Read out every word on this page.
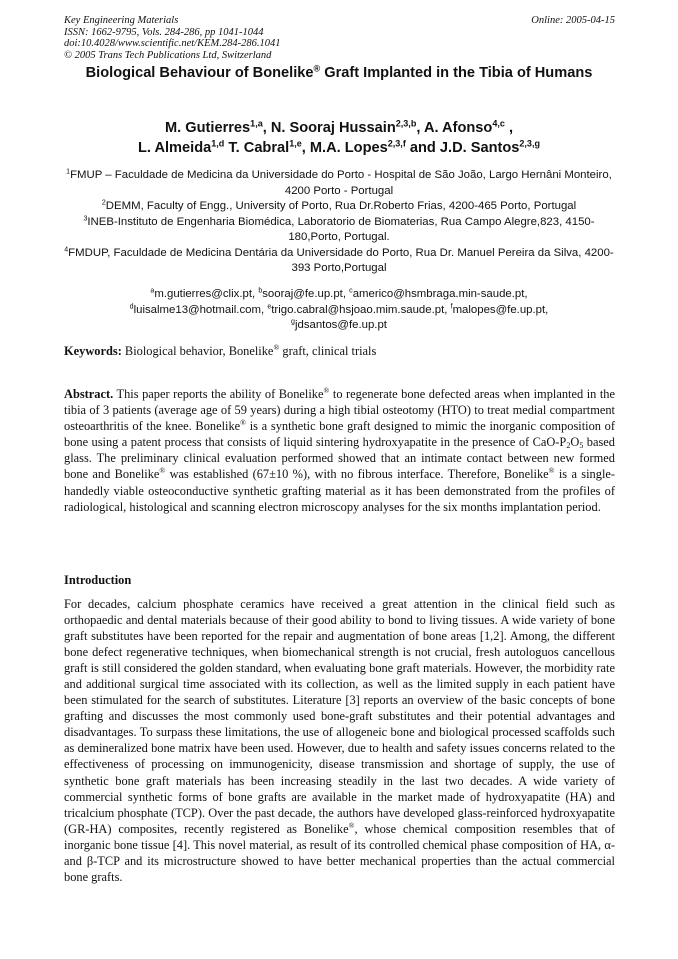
Key Engineering Materials
ISSN: 1662-9795, Vols. 284-286, pp 1041-1044
doi:10.4028/www.scientific.net/KEM.284-286.1041
© 2005 Trans Tech Publications Ltd, Switzerland
Online: 2005-04-15
Biological Behaviour of Bonelike® Graft Implanted in the Tibia of Humans
M. Gutierres$^{1,a}$, N. Sooraj Hussain$^{2,3,b}$, A. Afonso$^{4,c}$ ,
L. Almeida$^{1,d}$ T. Cabral$^{1,e}$, M.A. Lopes$^{2,3,f}$ and J.D. Santos$^{2,3,g}$
$^1$FMUP – Faculdade de Medicina da Universidade do Porto - Hospital de São João, Largo Hernâni Monteiro, 4200 Porto - Portugal
$^2$DEMM, Faculty of Engg., University of Porto, Rua Dr.Roberto Frias, 4200-465 Porto, Portugal
$^3$INEB-Instituto de Engenharia Biomédica, Laboratorio de Biomaterias, Rua Campo Alegre,823, 4150-180,Porto, Portugal.
$^4$FMDUP, Faculdade de Medicina Dentária da Universidade do Porto, Rua Dr. Manuel Pereira da Silva, 4200-393 Porto,Portugal
$^a$m.gutierres@clix.pt, $^b$sooraj@fe.up.pt, $^c$americo@hsmbraga.min-saude.pt,
$^d$luisalme13@hotmail.com, $^e$trigo.cabral@hsjoao.mim.saude.pt, $^f$malopes@fe.up.pt,
$^g$jdsantos@fe.up.pt
Keywords: Biological behavior, Bonelike® graft, clinical trials
Abstract. This paper reports the ability of Bonelike® to regenerate bone defected areas when implanted in the tibia of 3 patients (average age of 59 years) during a high tibial osteotomy (HTO) to treat medial compartment osteoarthritis of the knee. Bonelike® is a synthetic bone graft designed to mimic the inorganic composition of bone using a patent process that consists of liquid sintering hydroxyapatite in the presence of CaO-$P_2O_5$ based glass. The preliminary clinical evaluation performed showed that an intimate contact between new formed bone and Bonelike® was established (67±10 %), with no fibrous interface. Therefore, Bonelike® is a single-handedly viable osteoconductive synthetic grafting material as it has been demonstrated from the profiles of radiological, histological and scanning electron microscopy analyses for the six months implantation period.
Introduction
For decades, calcium phosphate ceramics have received a great attention in the clinical field such as orthopaedic and dental materials because of their good ability to bond to living tissues. A wide variety of bone graft substitutes have been reported for the repair and augmentation of bone areas [1,2]. Among, the different bone defect regenerative techniques, when biomechanical strength is not crucial, fresh autologuos cancellous graft is still considered the golden standard, when evaluating bone graft materials. However, the morbidity rate and additional surgical time associated with its collection, as well as the limited supply in each patient have been stimulated for the search of substitutes. Literature [3] reports an overview of the basic concepts of bone grafting and discusses the most commonly used bone-graft substitutes and their potential advantages and disadvantages. To surpass these limitations, the use of allogeneic bone and biological processed scaffolds such as demineralized bone matrix have been used. However, due to health and safety issues concerns related to the effectiveness of processing on immunogenicity, disease transmission and shortage of supply, the use of synthetic bone graft materials has been increasing steadily in the last two decades. A wide variety of commercial synthetic forms of bone grafts are available in the market made of hydroxyapatite (HA) and tricalcium phosphate (TCP). Over the past decade, the authors have developed glass-reinforced hydroxyapatite (GR-HA) composites, recently registered as Bonelike®, whose chemical composition resembles that of inorganic bone tissue [4]. This novel material, as result of its controlled chemical phase composition of HA, α- and β-TCP and its microstructure showed to have better mechanical properties than the actual commercial bone grafts.
